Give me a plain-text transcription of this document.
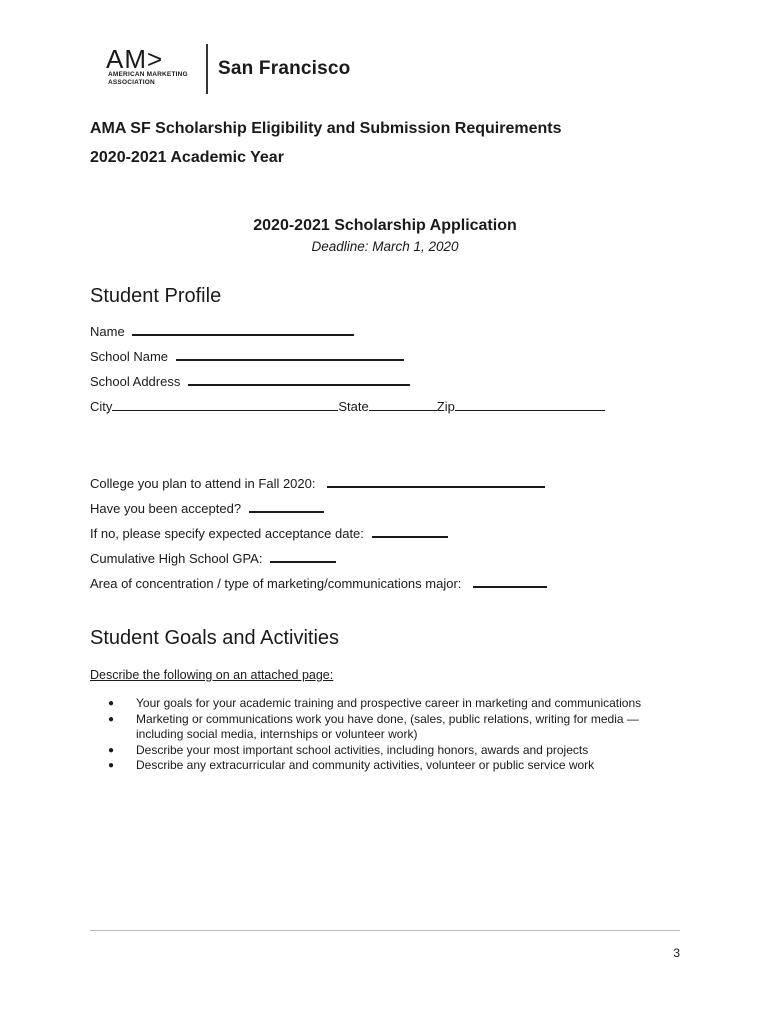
AM>
AMERICAN MARKETING
ASSOCIATION
San Francisco
AMA SF Scholarship Eligibility and Submission Requirements
2020-2021 Academic Year
2020-2021 Scholarship Application
Deadline: March 1, 2020
Student Profile
Name
School Name
School Address
City	State	Zip
College you plan to attend in Fall 2020:
Have you been accepted?
If no, please specify expected acceptance date:
Cumulative High School GPA:
Area of concentration / type of marketing/communications major:
Student Goals and Activities
Describe the following on an attached page:
● Your goals for your academic training and prospective career in marketing and communications
● Marketing or communications work you have done, (sales, public relations, writing for media — including social media, internships or volunteer work)
● Describe your most important school activities, including honors, awards and projects
● Describe any extracurricular and community activities, volunteer or public service work
3
